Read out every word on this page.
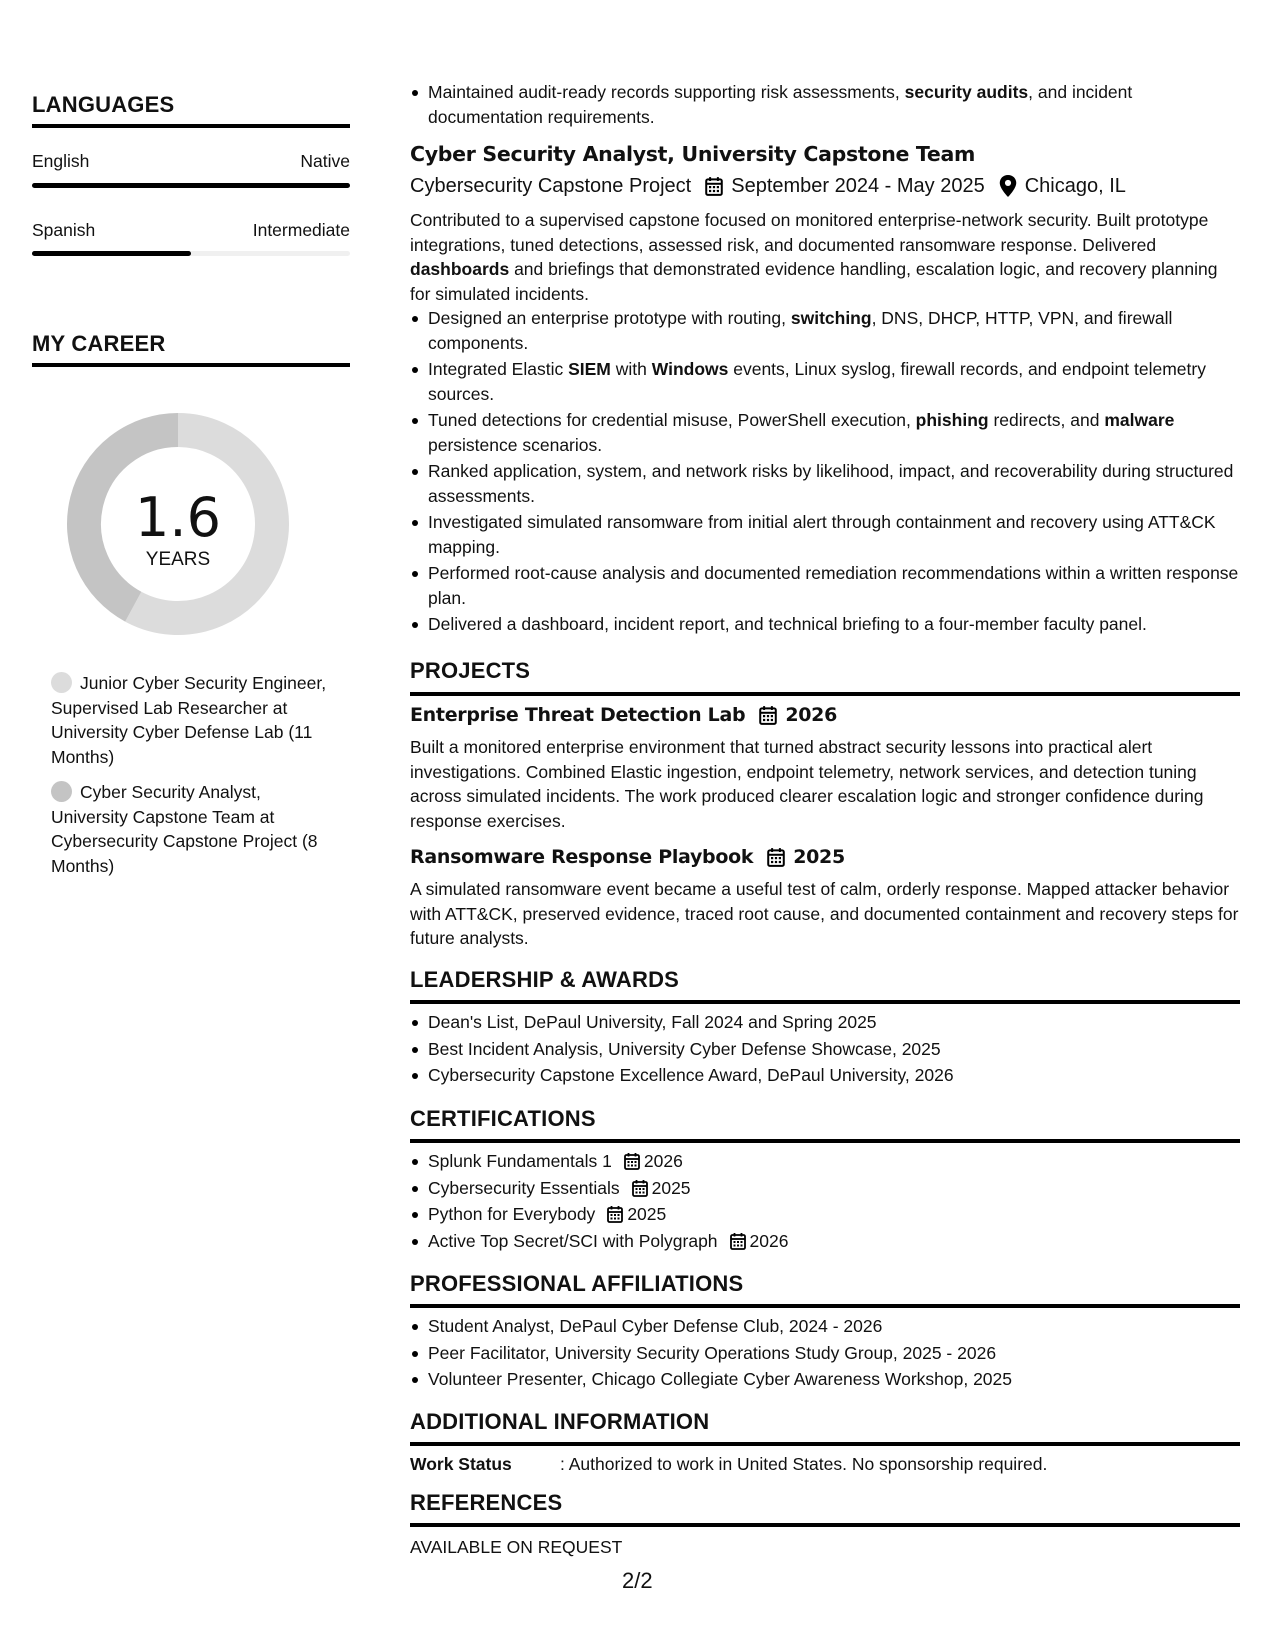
LANGUAGES
English	Native
Spanish	Intermediate
MY CAREER
1.6
YEARS
Junior Cyber Security Engineer, Supervised Lab Researcher at University Cyber Defense Lab (11 Months)
Cyber Security Analyst, University Capstone Team at Cybersecurity Capstone Project (8 Months)
Maintained audit-ready records supporting risk assessments, security audits, and incident documentation requirements.
Cyber Security Analyst, University Capstone Team
Cybersecurity Capstone Project September 2024 - May 2025 Chicago, IL

Contributed to a supervised capstone focused on monitored enterprise-network security. Built prototype integrations, tuned detections, assessed risk, and documented ransomware response. Delivered dashboards and briefings that demonstrated evidence handling, escalation logic, and recovery planning for simulated incidents.

Designed an enterprise prototype with routing, switching, DNS, DHCP, HTTP, VPN, and firewall components.
Integrated Elastic SIEM with Windows events, Linux syslog, firewall records, and endpoint telemetry sources.
Tuned detections for credential misuse, PowerShell execution, phishing redirects, and malware persistence scenarios.
Ranked application, system, and network risks by likelihood, impact, and recoverability during structured assessments.
Investigated simulated ransomware from initial alert through containment and recovery using ATT&CK mapping.
Performed root-cause analysis and documented remediation recommendations within a written response plan.
Delivered a dashboard, incident report, and technical briefing to a four-member faculty panel.
PROJECTS
Enterprise Threat Detection Lab 2026

Built a monitored enterprise environment that turned abstract security lessons into practical alert investigations. Combined Elastic ingestion, endpoint telemetry, network services, and detection tuning across simulated incidents. The work produced clearer escalation logic and stronger confidence during response exercises.

Ransomware Response Playbook 2025

A simulated ransomware event became a useful test of calm, orderly response. Mapped attacker behavior with ATT&CK, preserved evidence, traced root cause, and documented containment and recovery steps for future analysts.

LEADERSHIP & AWARDS
Dean's List, DePaul University, Fall 2024 and Spring 2025
Best Incident Analysis, University Cyber Defense Showcase, 2025
Cybersecurity Capstone Excellence Award, DePaul University, 2026
CERTIFICATIONS
Splunk Fundamentals 1 2026
Cybersecurity Essentials 2025
Python for Everybody 2025
Active Top Secret/SCI with Polygraph 2026
PROFESSIONAL AFFILIATIONS
Student Analyst, DePaul Cyber Defense Club, 2024 - 2026
Peer Facilitator, University Security Operations Study Group, 2025 - 2026
Volunteer Presenter, Chicago Collegiate Cyber Awareness Workshop, 2025
ADDITIONAL INFORMATION
Work Status	: Authorized to work in United States. No sponsorship required.
REFERENCES
AVAILABLE ON REQUEST
2/2
